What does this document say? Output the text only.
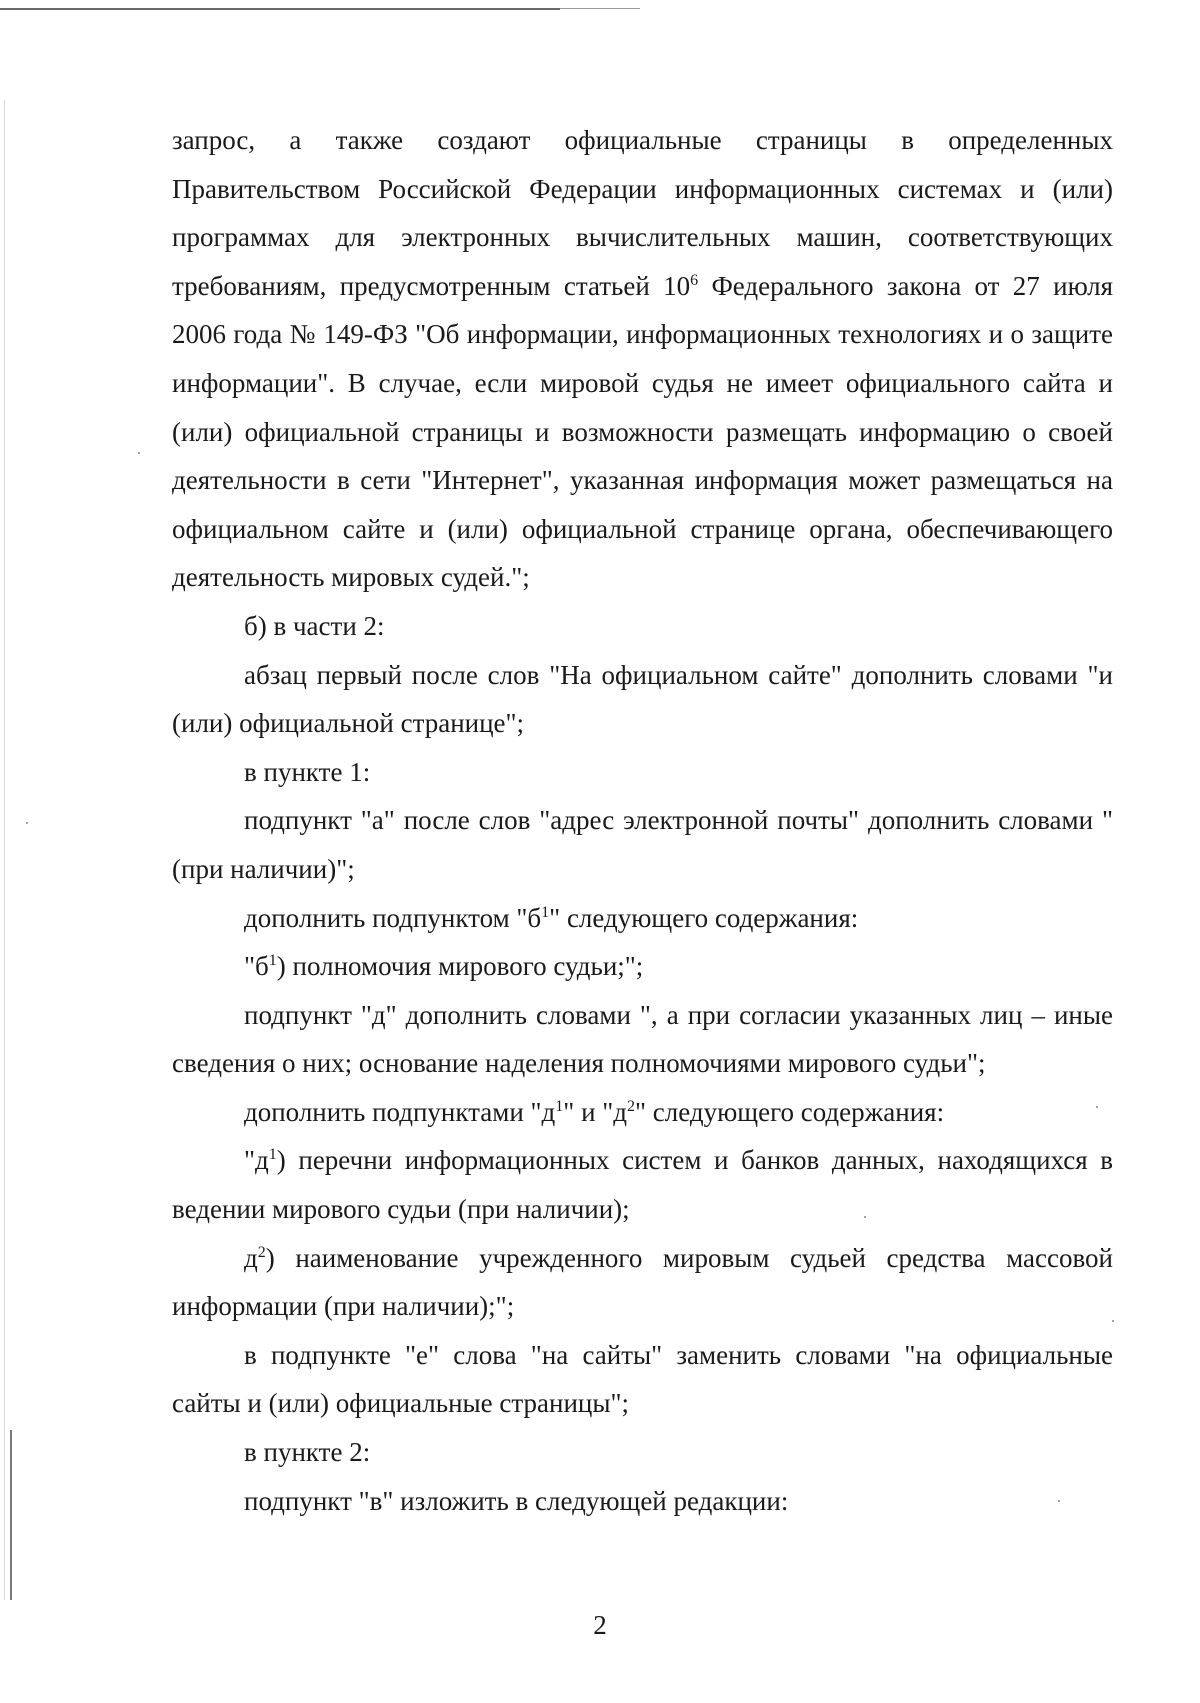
запрос, а также создают официальные страницы в определенных Правительством Российской Федерации информационных системах и (или) программах для электронных вычислительных машин, соответствующих требованиям, предусмотренным статьей $10^6$ Федерального закона от 27 июля 2006 года № 149-ФЗ "Об информации, информационных технологиях и о защите информации". В случае, если мировой судья не имеет официального сайта и (или) официальной страницы и возможности размещать информацию о своей деятельности в сети "Интернет", указанная информация может размещаться на официальном сайте и (или) официальной странице органа, обеспечивающего деятельность мировых судей.";

б) в части 2:

абзац первый после слов "На официальном сайте" дополнить словами "и (или) официальной странице";

в пункте 1:

подпункт "а" после слов "адрес электронной почты" дополнить словами "(при наличии)";

дополнить подпунктом "$б^1$" следующего содержания:

"$б^1$) полномочия мирового судьи;";

подпункт "д" дополнить словами ", а при согласии указанных лиц – иные сведения о них; основание наделения полномочиями мирового судьи";

дополнить подпунктами "$д^1$" и "$д^2$" следующего содержания:

"$д^1$) перечни информационных систем и банков данных, находящихся в ведении мирового судьи (при наличии);

$д^2$) наименование учрежденного мировым судьей средства массовой информации (при наличии);";

в подпункте "е" слова "на сайты" заменить словами "на официальные сайты и (или) официальные страницы";

в пункте 2:

подпункт "в" изложить в следующей редакции:

2
